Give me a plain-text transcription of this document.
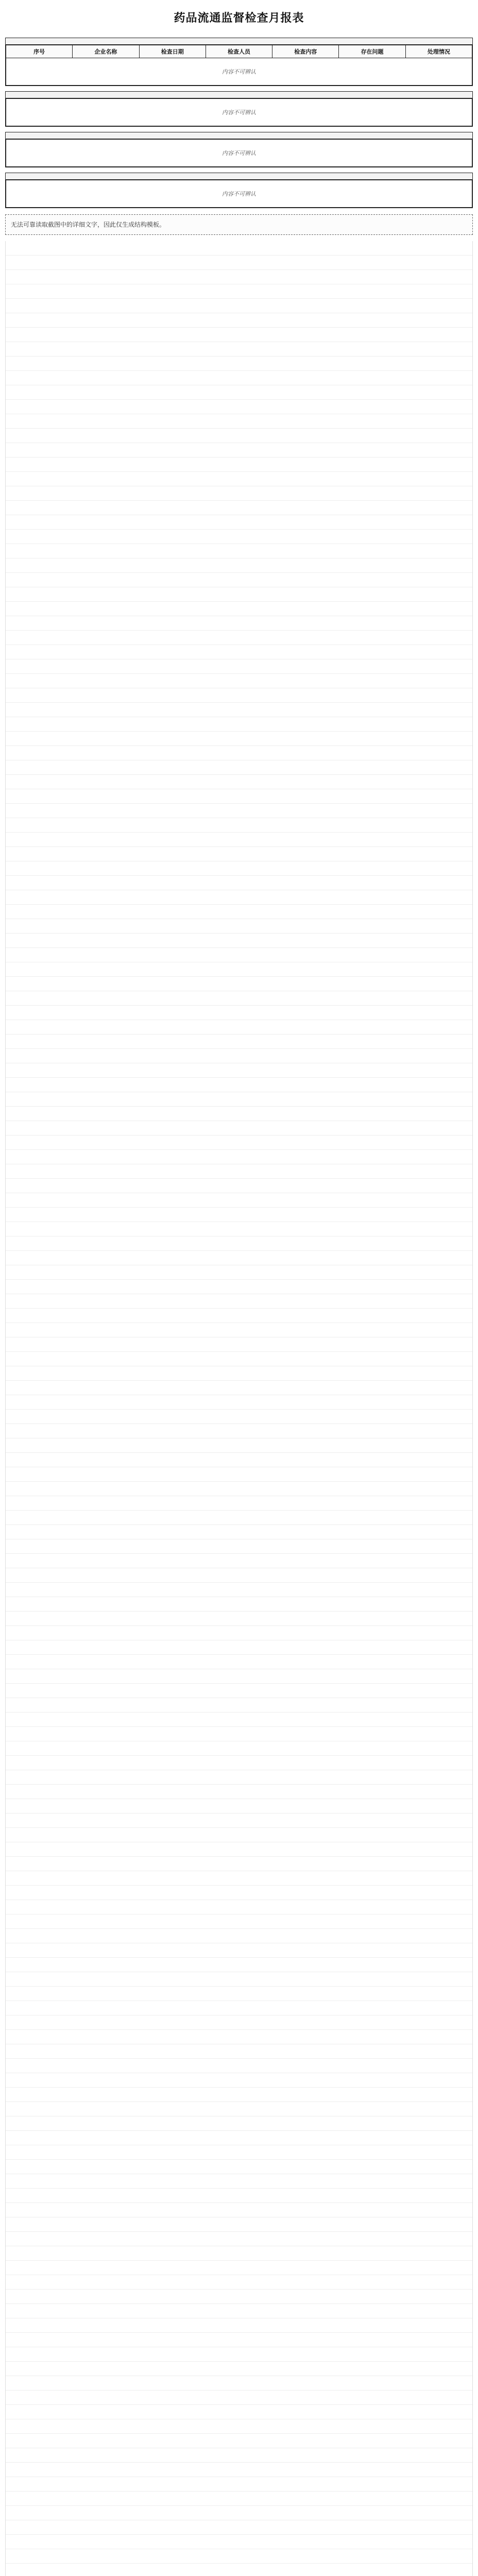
药品流通监督检查月报表
序号	企业名称	检查日期	检查人员	检查内容	存在问题	处理情况
内容不可辨认
内容不可辨认
内容不可辨认
内容不可辨认
无法可靠读取截图中的详细文字，因此仅生成结构模板。
